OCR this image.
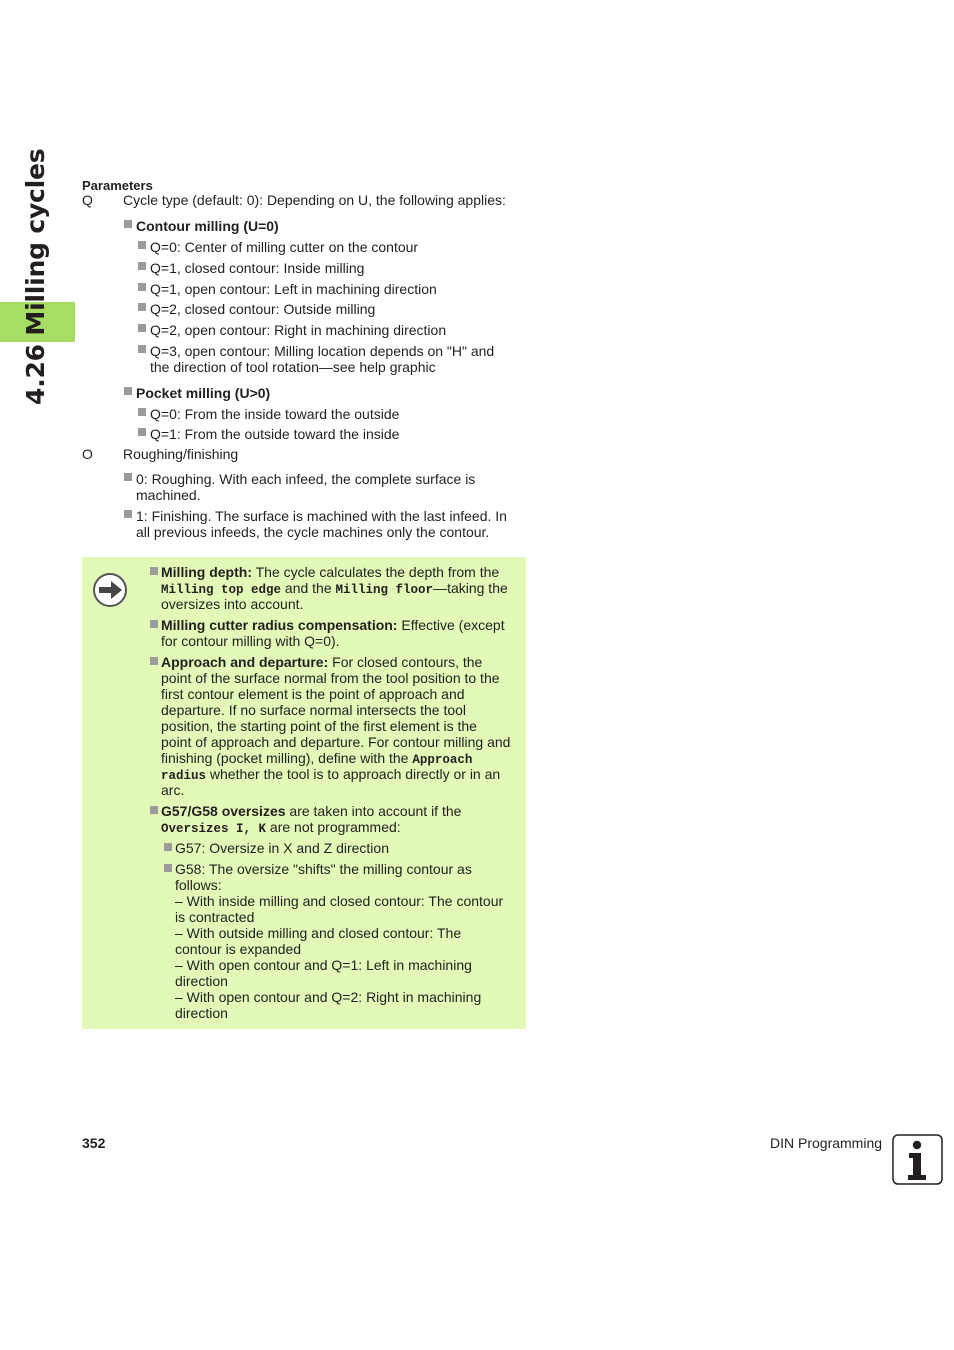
4.26 Milling cycles Parameters
Q Cycle type (default: 0): Depending on U, the following applies:
Contour milling (U=0)
Q=0: Center of milling cutter on the contour
Q=1, closed contour: Inside milling
Q=1, open contour: Left in machining direction
Q=2, closed contour: Outside milling
Q=2, open contour: Right in machining direction
Q=3, open contour: Milling location depends on "H" and
the direction of tool rotation—see help graphic
Pocket milling (U>0)
Q=0: From the inside toward the outside
Q=1: From the outside toward the inside
O Roughing/finishing
0: Roughing. With each infeed, the complete surface is
machined.
1: Finishing. The surface is machined with the last infeed. In
all previous infeeds, the cycle machines only the contour.
Milling depth: The cycle calculates the depth from the
Milling top edge and the Milling floor—taking the
oversizes into account.
Milling cutter radius compensation: Effective (except
for contour milling with Q=0).
Approach and departure: For closed contours, the
point of the surface normal from the tool position to the
first contour element is the point of approach and
departure. If no surface normal intersects the tool
position, the starting point of the first element is the
point of approach and departure. For contour milling and
finishing (pocket milling), define with the Approach
radius whether the tool is to approach directly or in an
arc.
G57/G58 oversizes are taken into account if the
Oversizes I, K are not programmed:
G57: Oversize in X and Z direction
G58: The oversize "shifts" the milling contour as
follows:
– With inside milling and closed contour: The contour
is contracted
– With outside milling and closed contour: The
contour is expanded
– With open contour and Q=1: Left in machining
direction
– With open contour and Q=2: Right in machining
direction
352	DIN Programming
